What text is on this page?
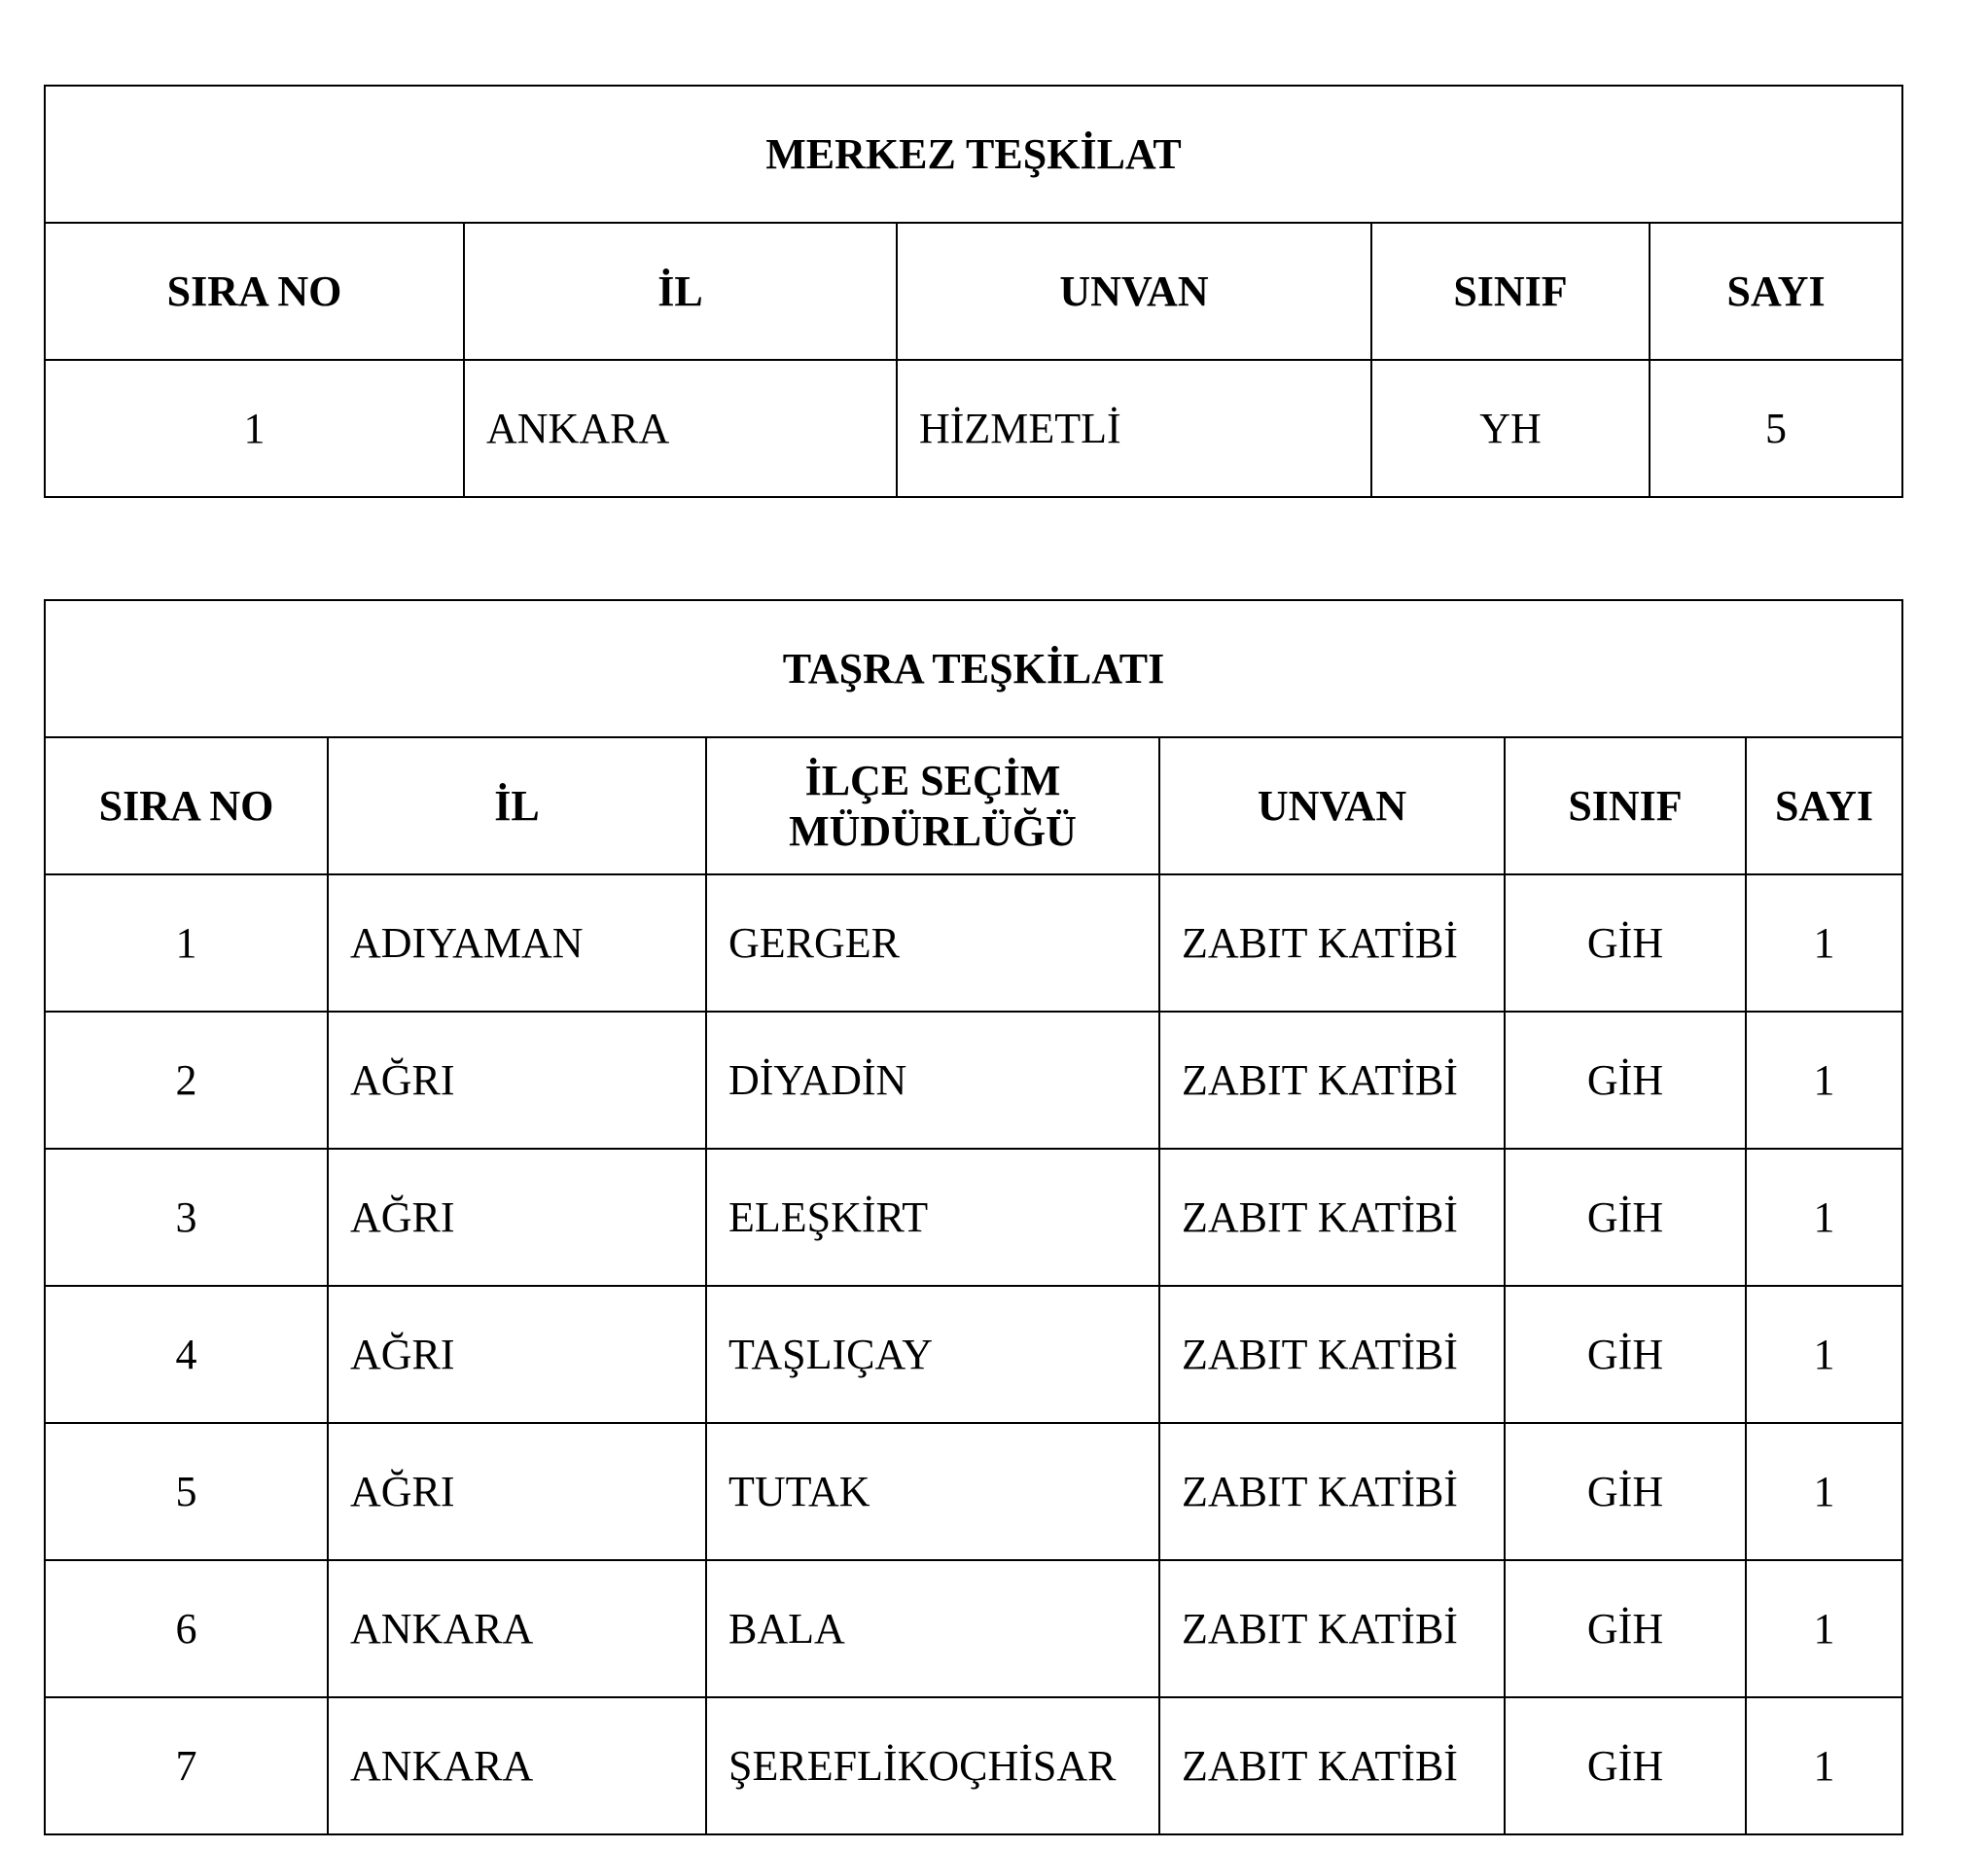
MERKEZ TEŞKİLAT				
SIRA NO	İL	UNVAN	SINIF	SAYI
1	ANKARA	HİZMETLİ	YH	5
TAŞRA TEŞKİLATI					
SIRA NO	İL	İLÇE SEÇİM MÜDÜRLÜĞÜ	UNVAN	SINIF	SAYI
1	ADIYAMAN	GERGER	ZABIT KATİBİ	GİH	1
2	AĞRI	DİYADİN	ZABIT KATİBİ	GİH	1
3	AĞRI	ELEŞKİRT	ZABIT KATİBİ	GİH	1
4	AĞRI	TAŞLIÇAY	ZABIT KATİBİ	GİH	1
5	AĞRI	TUTAK	ZABIT KATİBİ	GİH	1
6	ANKARA	BALA	ZABIT KATİBİ	GİH	1
7	ANKARA	ŞEREFLİKOÇHİSAR	ZABIT KATİBİ	GİH	1
